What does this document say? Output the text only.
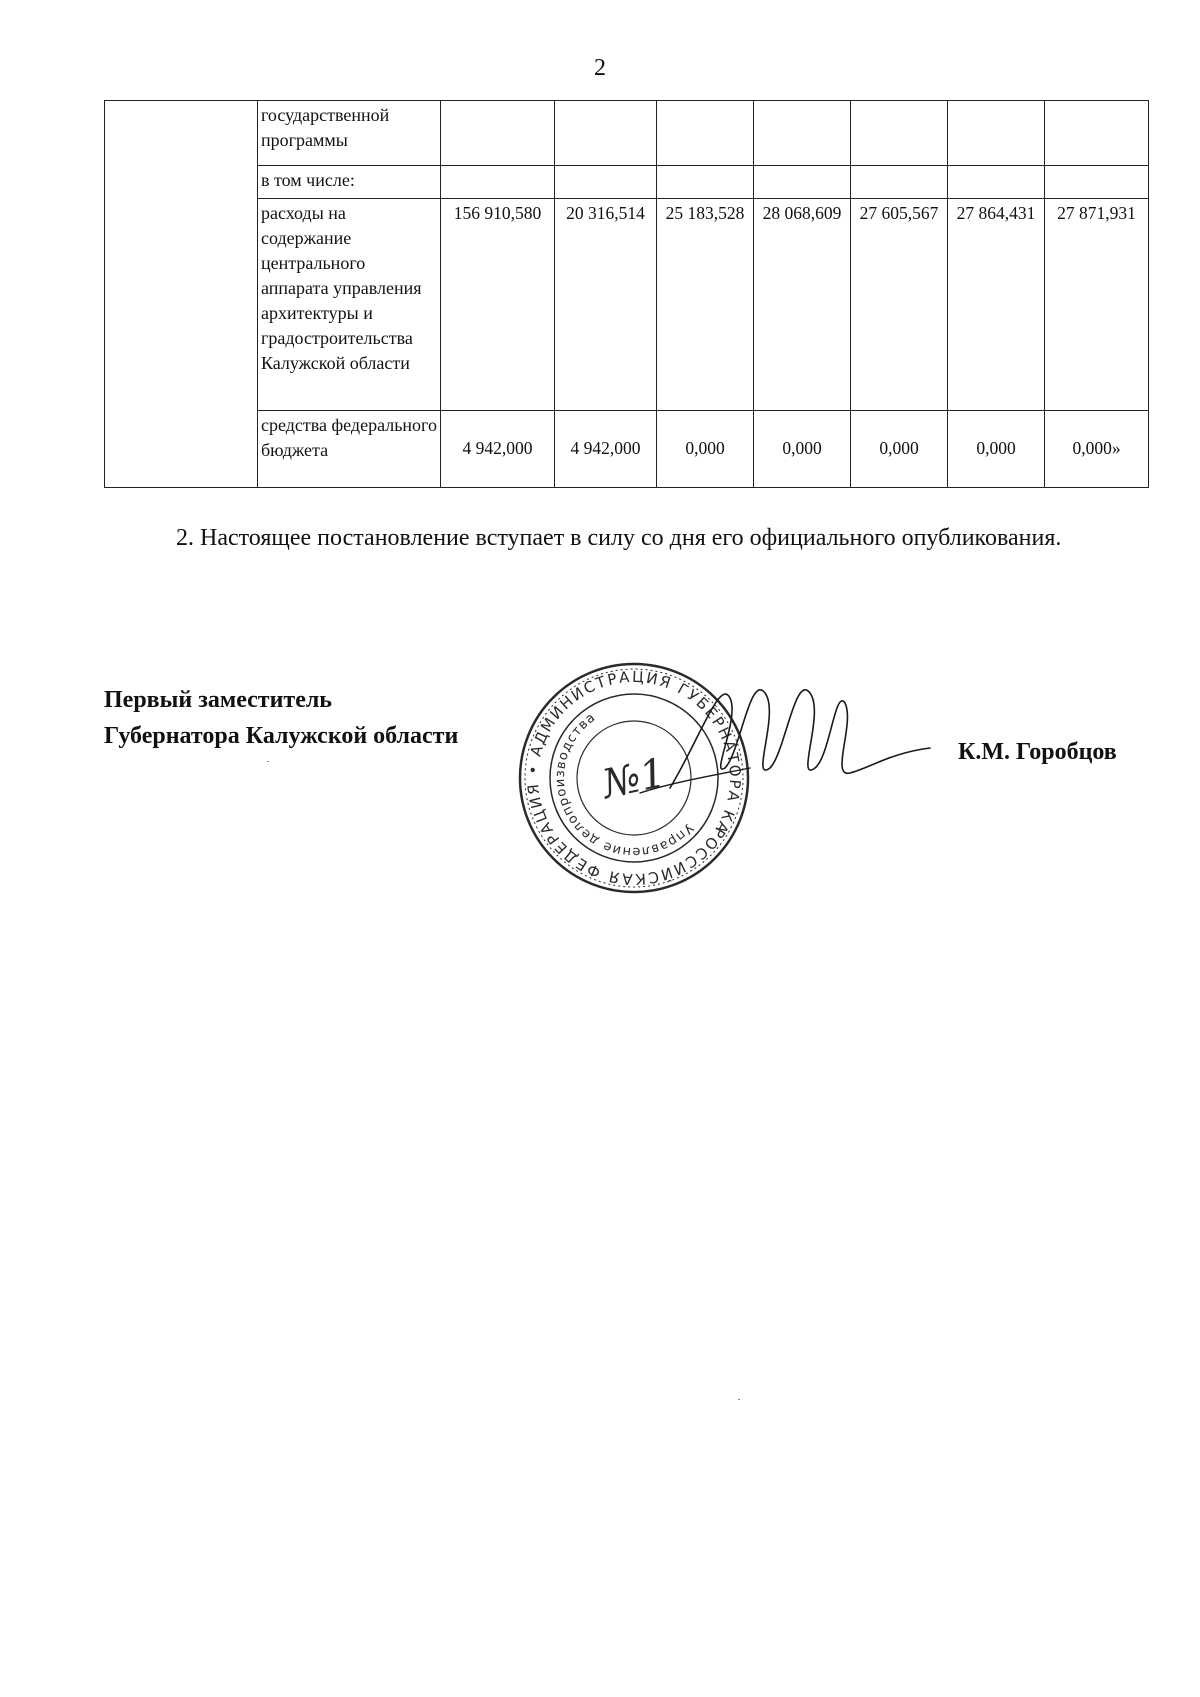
2
	государственной программы							
	в том числе:							
	расходы на содержание центрального аппарата управления архитектуры и градостроительства Калужской области	156 910,580	20 316,514	25 183,528	28 068,609	27 605,567	27 864,431	27 871,931
	средства федерального бюджета	4 942,000	4 942,000	0,000	0,000	0,000	0,000	0,000»

2. Настоящее постановление вступает в силу со дня его официального опубликования.

Первый заместитель
Губернатора Калужской области
РОССИЙСКАЯ ФЕДЕРАЦИЯ • АДМИНИСТРАЦИЯ ГУБЕРНАТОРА КАЛУЖСКОЙ
Управление делопроизводства
№1	К.М. Горобцов
